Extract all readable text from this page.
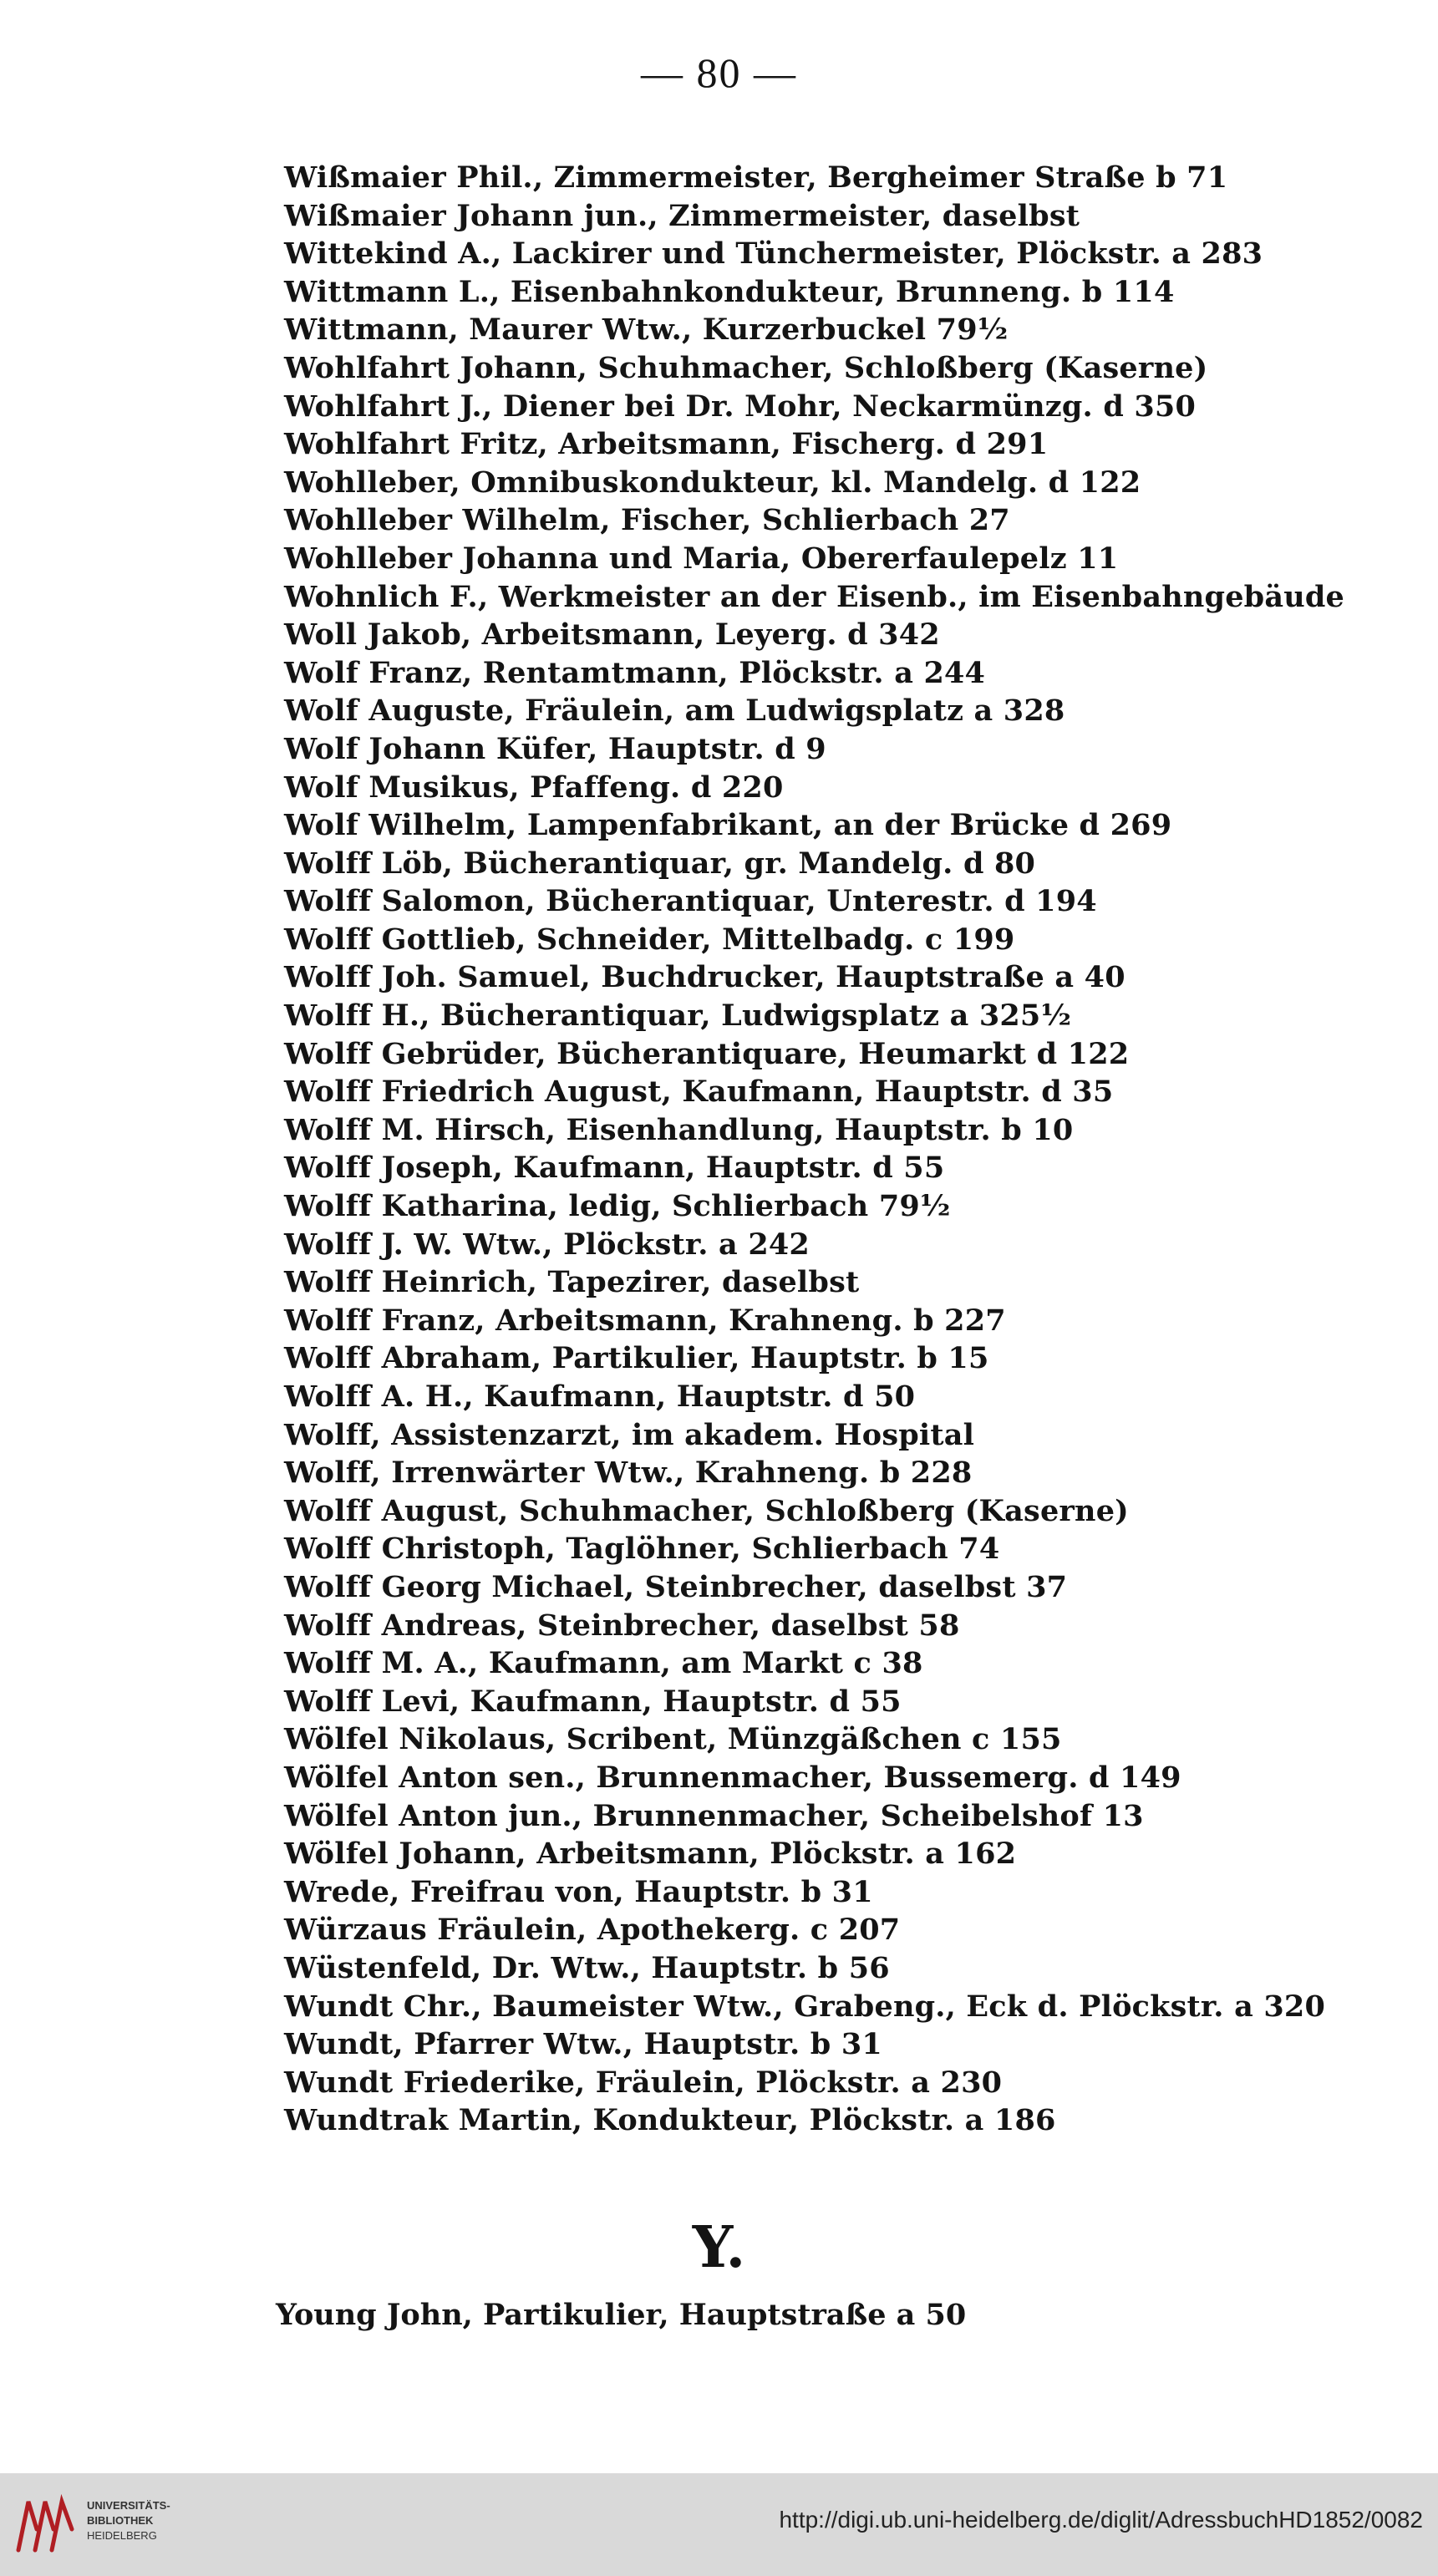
— 80 —
Wißmaier Phil., Zimmermeister, Bergheimer Straße b 71
Wißmaier Johann jun., Zimmermeister, daselbst
Wittekind A., Lackirer und Tünchermeister, Plöckstr. a 283
Wittmann L., Eisenbahnkondukteur, Brunneng. b 114
Wittmann, Maurer Wtw., Kurzerbuckel 79½
Wohlfahrt Johann, Schuhmacher, Schloßberg (Kaserne)
Wohlfahrt J., Diener bei Dr. Mohr, Neckarmünzg. d 350
Wohlfahrt Fritz, Arbeitsmann, Fischerg. d 291
Wohlleber, Omnibuskondukteur, kl. Mandelg. d 122
Wohlleber Wilhelm, Fischer, Schlierbach 27
Wohlleber Johanna und Maria, Obererfaulepelz 11
Wohnlich F., Werkmeister an der Eisenb., im Eisenbahngebäude
Woll Jakob, Arbeitsmann, Leyerg. d 342
Wolf Franz, Rentamtmann, Plöckstr. a 244
Wolf Auguste, Fräulein, am Ludwigsplatz a 328
Wolf Johann Küfer, Hauptstr. d 9
Wolf Musikus, Pfaffeng. d 220
Wolf Wilhelm, Lampenfabrikant, an der Brücke d 269
Wolff Löb, Bücherantiquar, gr. Mandelg. d 80
Wolff Salomon, Bücherantiquar, Unterestr. d 194
Wolff Gottlieb, Schneider, Mittelbadg. c 199
Wolff Joh. Samuel, Buchdrucker, Hauptstraße a 40
Wolff H., Bücherantiquar, Ludwigsplatz a 325½
Wolff Gebrüder, Bücherantiquare, Heumarkt d 122
Wolff Friedrich August, Kaufmann, Hauptstr. d 35
Wolff M. Hirsch, Eisenhandlung, Hauptstr. b 10
Wolff Joseph, Kaufmann, Hauptstr. d 55
Wolff Katharina, ledig, Schlierbach 79½
Wolff J. W. Wtw., Plöckstr. a 242
Wolff Heinrich, Tapezirer, daselbst
Wolff Franz, Arbeitsmann, Krahneng. b 227
Wolff Abraham, Partikulier, Hauptstr. b 15
Wolff A. H., Kaufmann, Hauptstr. d 50
Wolff, Assistenzarzt, im akadem. Hospital
Wolff, Irrenwärter Wtw., Krahneng. b 228
Wolff August, Schuhmacher, Schloßberg (Kaserne)
Wolff Christoph, Taglöhner, Schlierbach 74
Wolff Georg Michael, Steinbrecher, daselbst 37
Wolff Andreas, Steinbrecher, daselbst 58
Wolff M. A., Kaufmann, am Markt c 38
Wolff Levi, Kaufmann, Hauptstr. d 55
Wölfel Nikolaus, Scribent, Münzgäßchen c 155
Wölfel Anton sen., Brunnenmacher, Bussemerg. d 149
Wölfel Anton jun., Brunnenmacher, Scheibelshof 13
Wölfel Johann, Arbeitsmann, Plöckstr. a 162
Wrede, Freifrau von, Hauptstr. b 31
Würzaus Fräulein, Apothekerg. c 207
Wüstenfeld, Dr. Wtw., Hauptstr. b 56
Wundt Chr., Baumeister Wtw., Grabeng., Eck d. Plöckstr. a 320
Wundt, Pfarrer Wtw., Hauptstr. b 31
Wundt Friederike, Fräulein, Plöckstr. a 230
Wundtrak Martin, Kondukteur, Plöckstr. a 186
Y.
Young John, Partikulier, Hauptstraße a 50
UNIVERSITÄTS-
BIBLIOTHEK
HEIDELBERG
http://digi.ub.uni-heidelberg.de/diglit/AdressbuchHD1852/0082
